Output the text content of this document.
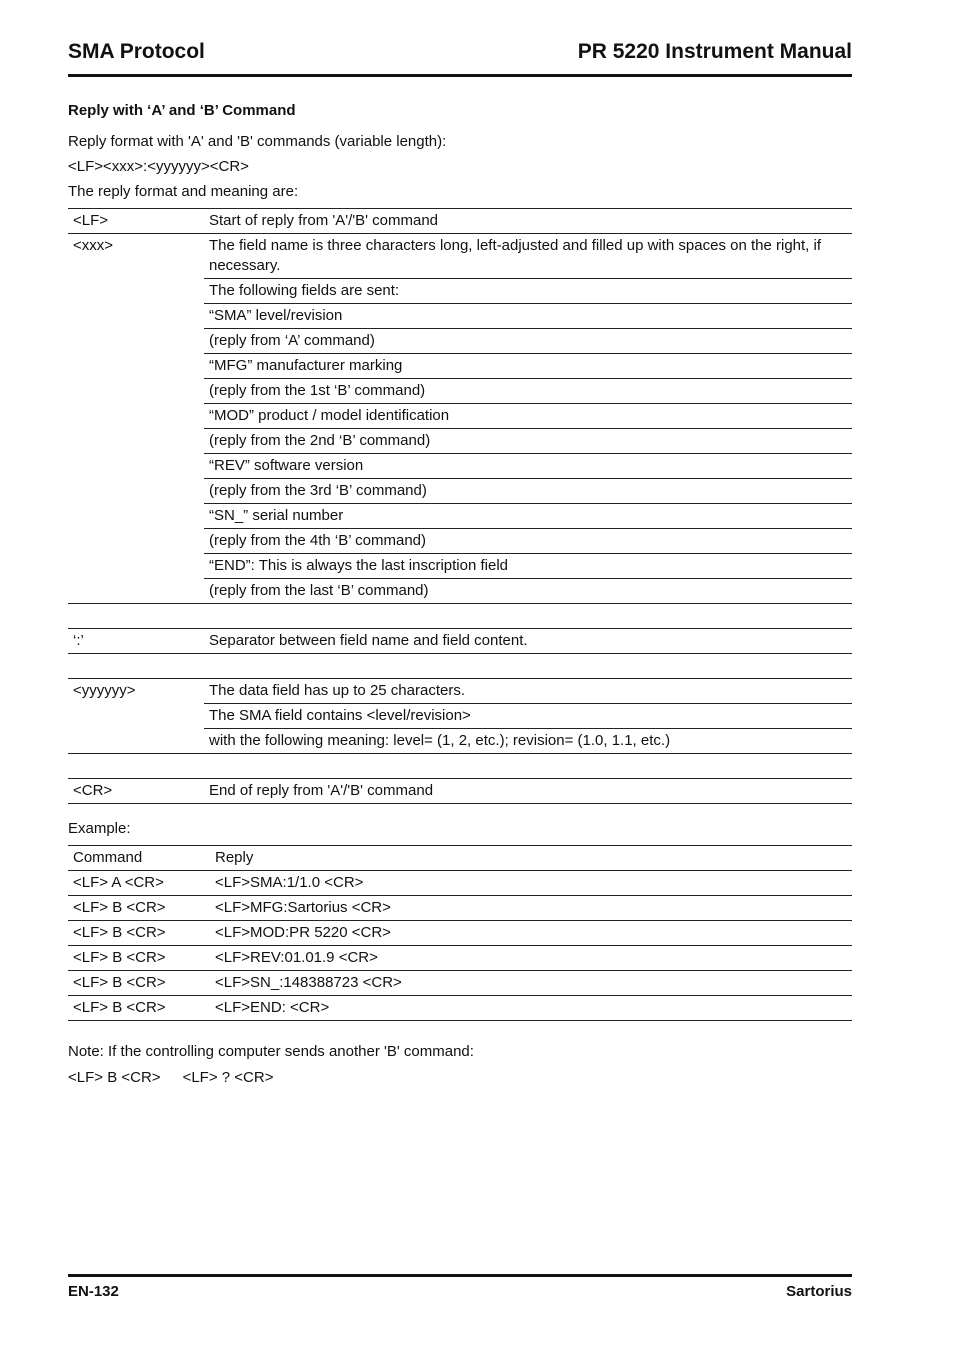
SMA Protocol	PR 5220 Instrument Manual
Reply with ‘A’ and ‘B’ Command
Reply format with 'A' and 'B' commands (variable length):
<LF><xxx>:<yyyyyy><CR>
The reply format and meaning are:
<LF>	Start of reply from 'A'/'B' command
<xxx>	The field name is three characters long, left-adjusted and filled up with spaces on the right, if necessary.
	The following fields are sent:
	“SMA” level/revision
	(reply from ‘A’ command)
	“MFG” manufacturer marking
	(reply from the 1st ‘B’ command)
	“MOD” product / model identification
	(reply from the 2nd ‘B’ command)
	“REV” software version
	(reply from the 3rd ‘B’ command)
	“SN_” serial number
	(reply from the 4th ‘B’ command)
	“END”: This is always the last inscription field
	(reply from the last ‘B’ command)

‘:’	Separator between field name and field content.

<yyyyyy>	The data field has up to 25 characters.
	The SMA field contains <level/revision>
	with the following meaning: level= (1, 2, etc.); revision= (1.0, 1.1, etc.)

<CR>	End of reply from 'A'/'B' command
Example:
Command	Reply
<LF> A <CR>	<LF>SMA:1/1.0 <CR>
<LF> B <CR>	<LF>MFG:Sartorius <CR>
<LF> B <CR>	<LF>MOD:PR 5220 <CR>
<LF> B <CR>	<LF>REV:01.01.9 <CR>
<LF> B <CR>	<LF>SN_:148388723 <CR>
<LF> B <CR>	<LF>END: <CR>
Note: If the controlling computer sends another 'B' command:
<LF> B <CR> <LF> ? <CR>
EN-132	Sartorius
